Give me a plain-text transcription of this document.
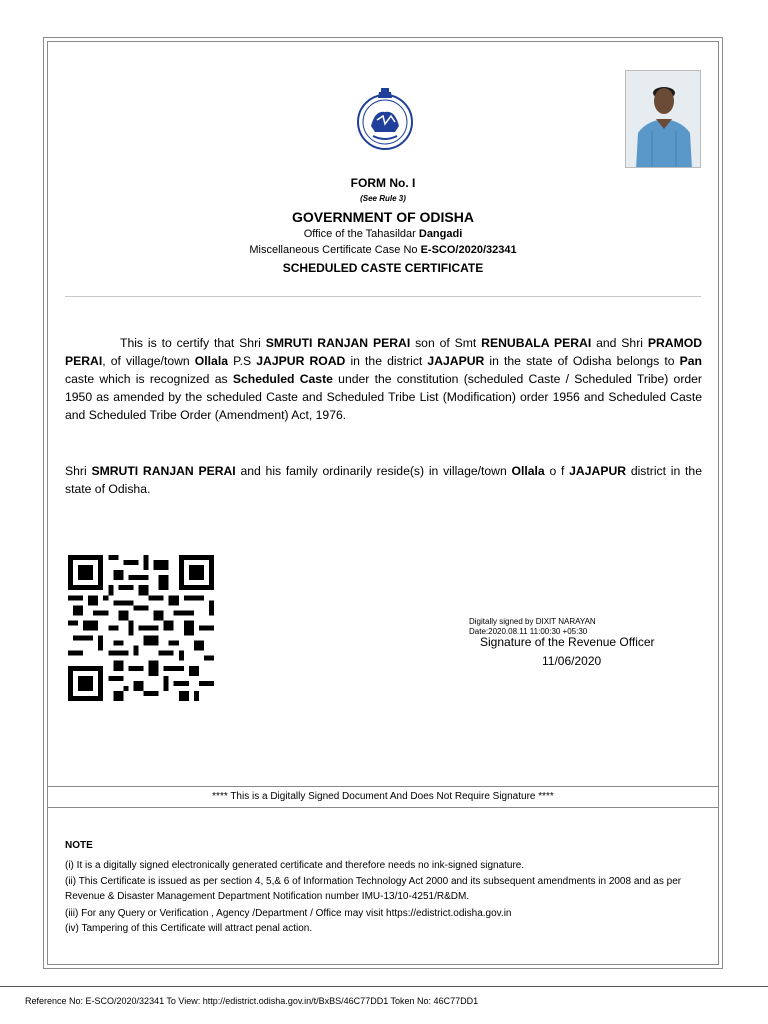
FORM No. I
(See Rule 3)
GOVERNMENT OF ODISHA
Office of the Tahasildar Dangadi
Miscellaneous Certificate Case No E-SCO/2020/32341
SCHEDULED CASTE CERTIFICATE

This is to certify that Shri SMRUTI RANJAN PERAI son of Smt RENUBALA PERAI and Shri PRAMOD PERAI, of village/town Ollala P.S JAJPUR ROAD in the district JAJAPUR in the state of Odisha belongs to Pan caste which is recognized as Scheduled Caste under the constitution (scheduled Caste / Scheduled Tribe) order 1950 as amended by the scheduled Caste and Scheduled Tribe List (Modification) order 1956 and Scheduled Caste and Scheduled Tribe Order (Amendment) Act, 1976.

Shri SMRUTI RANJAN PERAI and his family ordinarily reside(s) in village/town Ollala o f JAJAPUR district in the state of Odisha.

Digitally signed by DIXIT NARAYAN
Date:2020.08.11 11:00:30 +05:30
Signature of the Revenue Officer
11/06/2020
**** This is a Digitally Signed Document And Does Not Require Signature ****
NOTE

(i) It is a digitally signed electronically generated certificate and therefore needs no ink-signed signature.

(ii) This Certificate is issued as per section 4, 5,& 6 of Information Technology Act 2000 and its subsequent amendments in 2008 and as per Revenue & Disaster Management Department Notification number IMU-13/10-4251/R&DM.

(iii) For any Query or Verification , Agency /Department / Office may visit https://edistrict.odisha.gov.in

(iv) Tampering of this Certificate will attract penal action.

Reference No: E-SCO/2020/32341 To View: http://edistrict.odisha.gov.in/t/BxBS/46C77DD1 Token No: 46C77DD1
